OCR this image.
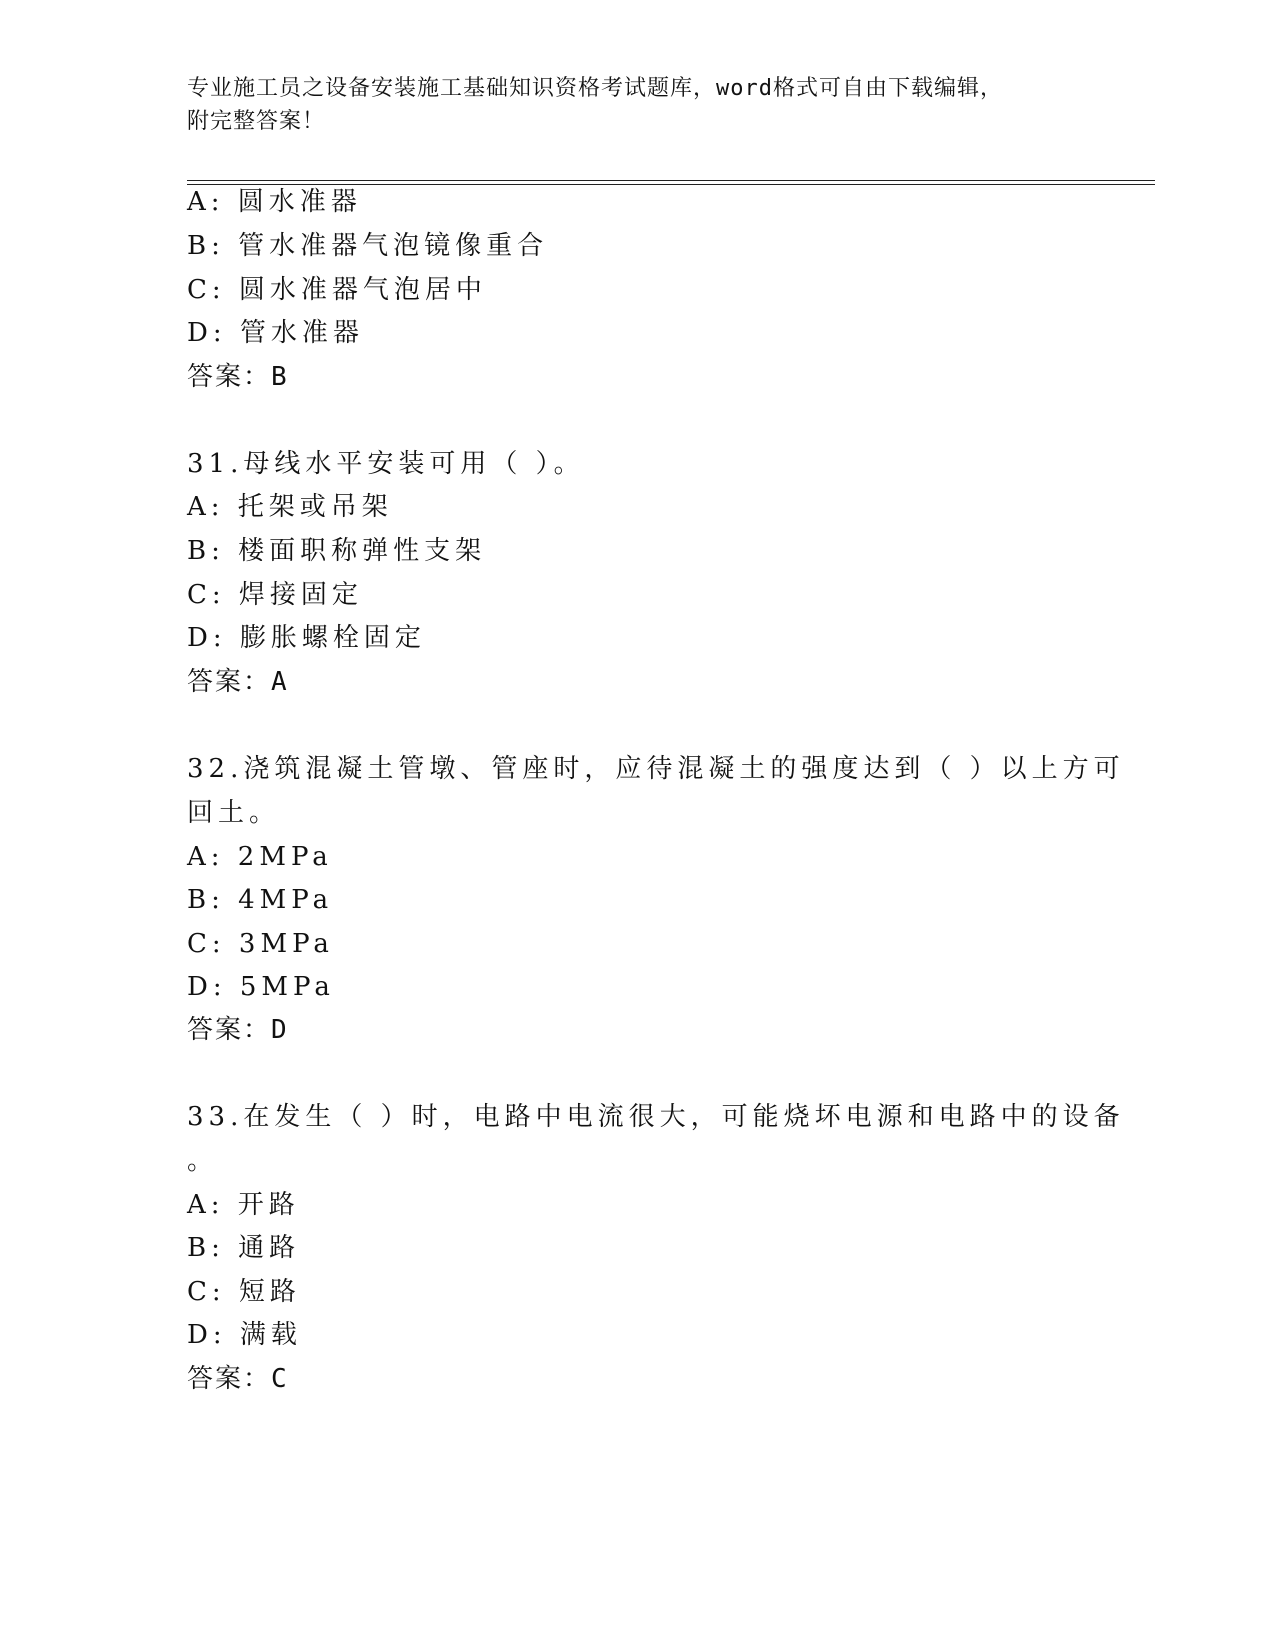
专业施工员之设备安装施工基础知识资格考试题库，word格式可自由下载编辑，
附完整答案！
A: 圆水准器
B: 管水准器气泡镜像重合
C: 圆水准器气泡居中
D: 管水准器
答案：B
31.母线水平安装可用（ ）。
A: 托架或吊架
B: 楼面职称弹性支架
C: 焊接固定
D: 膨胀螺栓固定
答案：A
32.浇筑混凝土管墩、管座时，应待混凝土的强度达到（ ）以上方可
回土。
A: 2MPa
B: 4MPa
C: 3MPa
D: 5MPa
答案：D
33.在发生（ ）时，电路中电流很大，可能烧坏电源和电路中的设备
。
A: 开路
B: 通路
C: 短路
D: 满载
答案：C
